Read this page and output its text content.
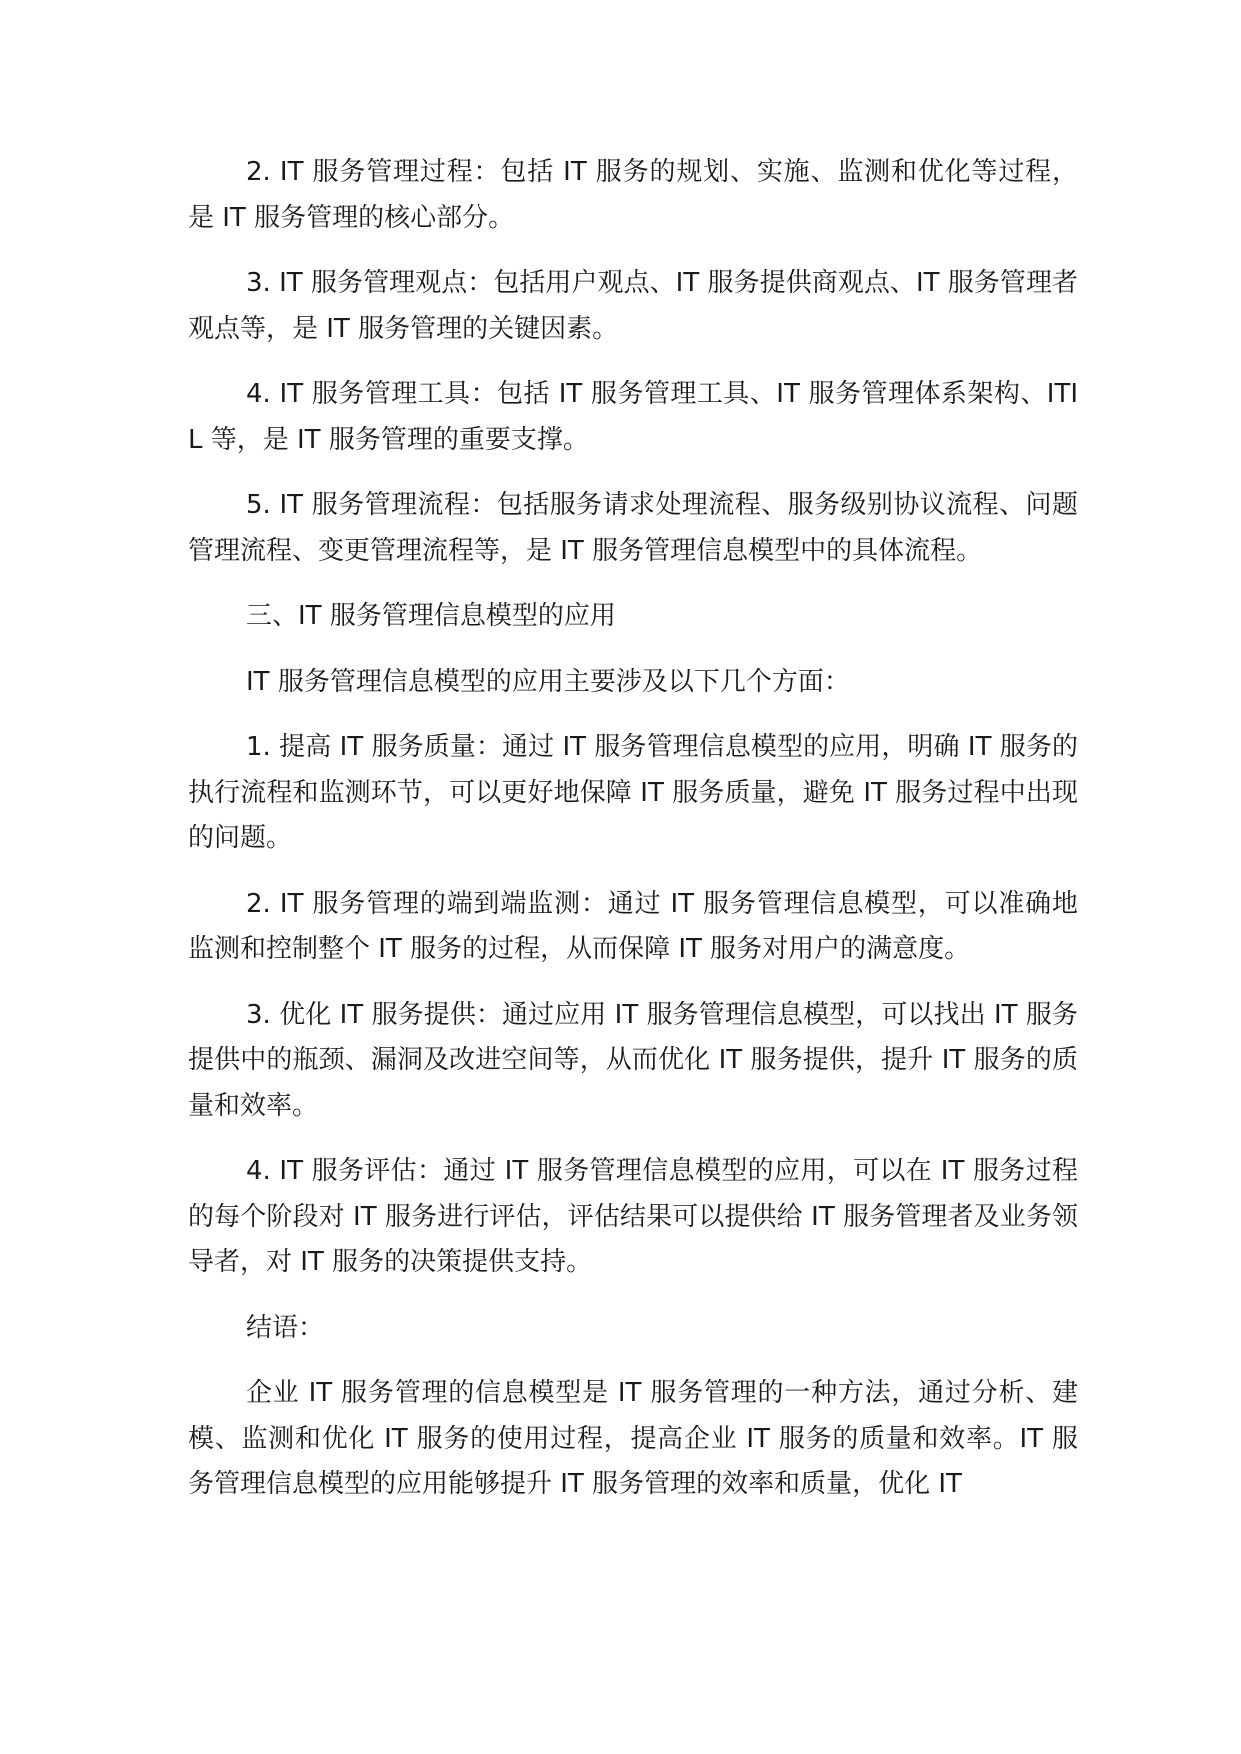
2. IT 服务管理过程：包括 IT 服务的规划、实施、监测和优化等过程，是 IT 服务管理的核心部分。

3. IT 服务管理观点：包括用户观点、IT 服务提供商观点、IT 服务管理者观点等，是 IT 服务管理的关键因素。

4. IT 服务管理工具：包括 IT 服务管理工具、IT 服务管理体系架构、ITIL 等，是 IT 服务管理的重要支撑。

5. IT 服务管理流程：包括服务请求处理流程、服务级别协议流程、问题管理流程、变更管理流程等，是 IT 服务管理信息模型中的具体流程。

三、IT 服务管理信息模型的应用

IT 服务管理信息模型的应用主要涉及以下几个方面：

1. 提高 IT 服务质量：通过 IT 服务管理信息模型的应用，明确 IT 服务的执行流程和监测环节，可以更好地保障 IT 服务质量，避免 IT 服务过程中出现的问题。

2. IT 服务管理的端到端监测：通过 IT 服务管理信息模型，可以准确地监测和控制整个 IT 服务的过程，从而保障 IT 服务对用户的满意度。

3. 优化 IT 服务提供：通过应用 IT 服务管理信息模型，可以找出 IT 服务提供中的瓶颈、漏洞及改进空间等，从而优化 IT 服务提供，提升 IT 服务的质量和效率。

4. IT 服务评估：通过 IT 服务管理信息模型的应用，可以在 IT 服务过程的每个阶段对 IT 服务进行评估，评估结果可以提供给 IT 服务管理者及业务领导者，对 IT 服务的决策提供支持。

结语：

企业 IT 服务管理的信息模型是 IT 服务管理的一种方法，通过分析、建模、监测和优化 IT 服务的使用过程，提高企业 IT 服务的质量和效率。IT 服务管理信息模型的应用能够提升 IT 服务管理的效率和质量，优化 IT
